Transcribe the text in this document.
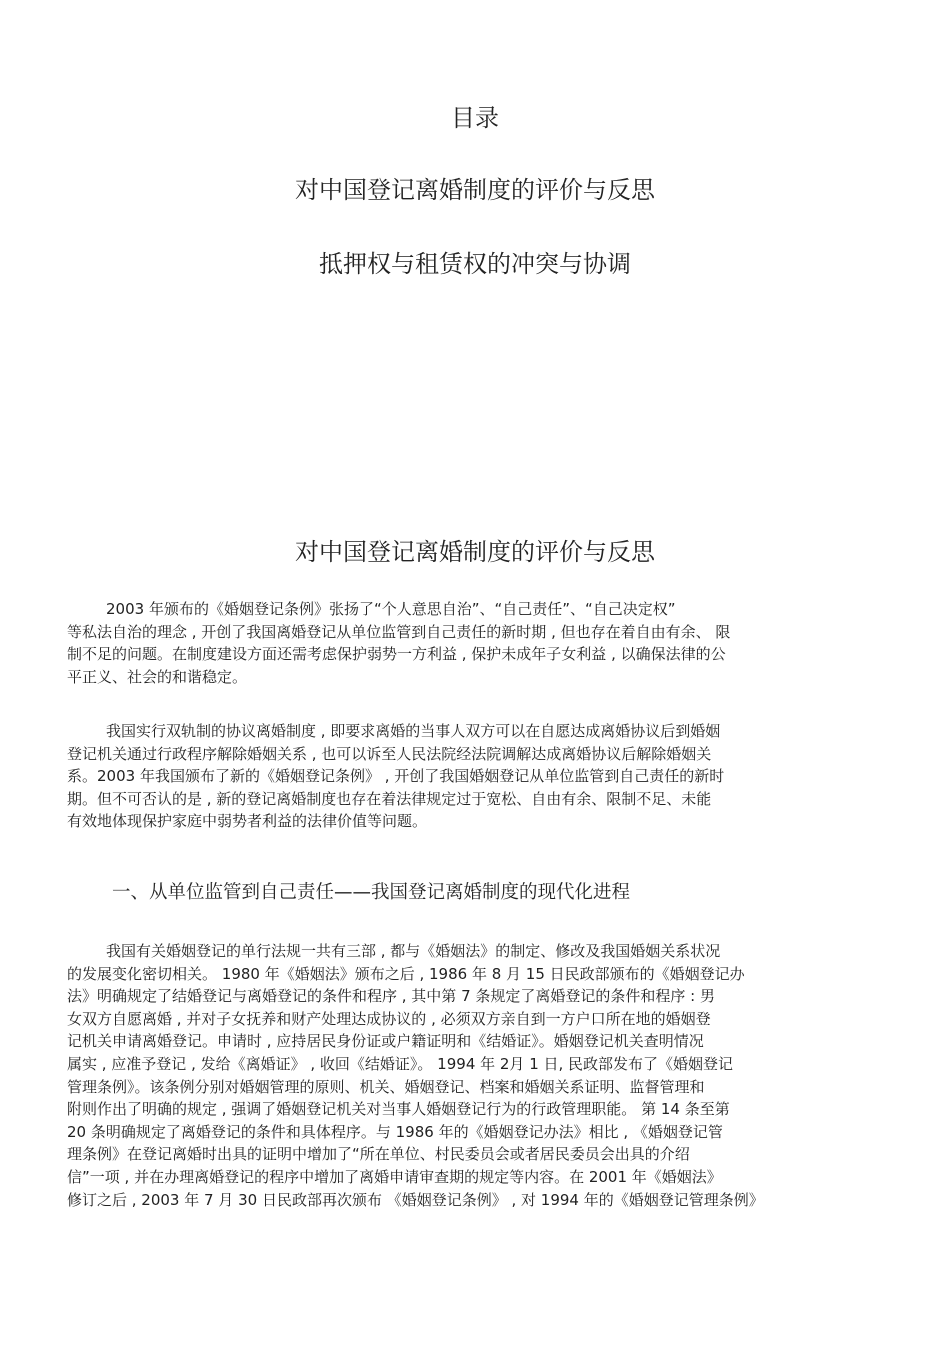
目录
对中国登记离婚制度的评价与反思
抵押权与租赁权的冲突与协调
对中国登记离婚制度的评价与反思
2003 年颁布的《婚姻登记条例》张扬了“个人意思自治”、“自己责任”、“自己决定权”
等私法自治的理念 , 开创了我国离婚登记从单位监管到自己责任的新时期 , 但也存在着自由有余、 限
制不足的问题。在制度建设方面还需考虑保护弱势一方利益 , 保护未成年子女利益 , 以确保法律的公
平正义、社会的和谐稳定。
我国实行双轨制的协议离婚制度 , 即要求离婚的当事人双方可以在自愿达成离婚协议后到婚姻
登记机关通过行政程序解除婚姻关系 , 也可以诉至人民法院经法院调解达成离婚协议后解除婚姻关
系。2003 年我国颁布了新的《婚姻登记条例》 , 开创了我国婚姻登记从单位监管到自己责任的新时
期。但不可否认的是 , 新的登记离婚制度也存在着法律规定过于宽松、自由有余、限制不足、未能
有效地体现保护家庭中弱势者利益的法律价值等问题。
一、从单位监管到自己责任——我国登记离婚制度的现代化进程
我国有关婚姻登记的单行法规一共有三部 , 都与《婚姻法》的制定、修改及我国婚姻关系状况
的发展变化密切相关。 1980 年《婚姻法》颁布之后 , 1986 年 8 月 15 日民政部颁布的《婚姻登记办
法》明确规定了结婚登记与离婚登记的条件和程序 , 其中第 7 条规定了离婚登记的条件和程序 : 男
女双方自愿离婚 , 并对子女抚养和财产处理达成协议的 , 必须双方亲自到一方户口所在地的婚姻登
记机关申请离婚登记。申请时 , 应持居民身份证或户籍证明和《结婚证》。婚姻登记机关查明情况
属实 , 应准予登记 , 发给《离婚证》 , 收回《结婚证》。 1994 年 2月 1 日, 民政部发布了《婚姻登记
管理条例》。该条例分别对婚姻管理的原则、机关、婚姻登记、档案和婚姻关系证明、监督管理和
附则作出了明确的规定 , 强调了婚姻登记机关对当事人婚姻登记行为的行政管理职能。 第 14 条至第
20 条明确规定了离婚登记的条件和具体程序。与 1986 年的《婚姻登记办法》相比 , 《婚姻登记管
理条例》在登记离婚时出具的证明中增加了“所在单位、村民委员会或者居民委员会出具的介绍
信”一项 , 并在办理离婚登记的程序中增加了离婚申请审查期的规定等内容。在 2001 年《婚姻法》
修订之后 , 2003 年 7 月 30 日民政部再次颁布 《婚姻登记条例》 , 对 1994 年的《婚姻登记管理条例》
